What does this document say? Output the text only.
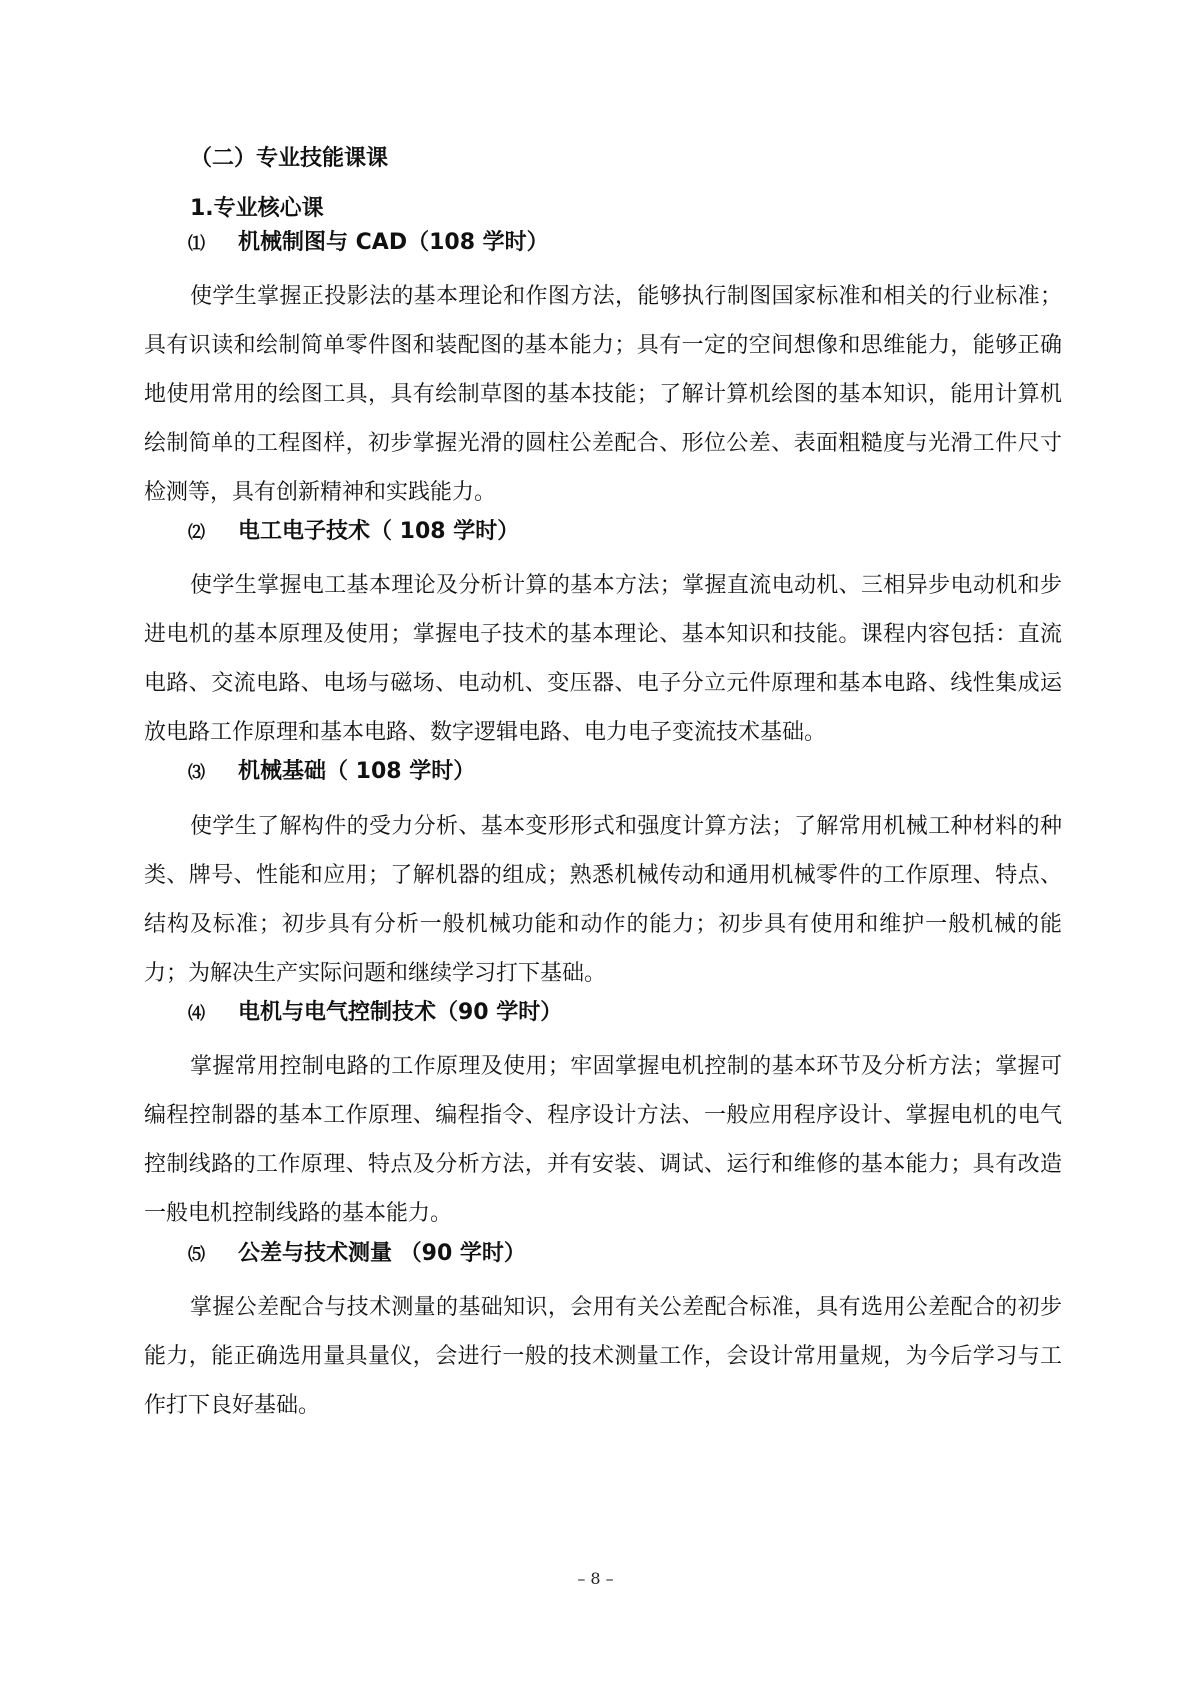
（二）专业技能课课
1.专业核心课
⑴ 机械制图与 CAD（108 学时）

使学生掌握正投影法的基本理论和作图方法，能够执行制图国家标准和相关的行业标准；具有识读和绘制简单零件图和装配图的基本能力；具有一定的空间想像和思维能力，能够正确地使用常用的绘图工具，具有绘制草图的基本技能；了解计算机绘图的基本知识，能用计算机绘制简单的工程图样，初步掌握光滑的圆柱公差配合、形位公差、表面粗糙度与光滑工件尺寸检测等，具有创新精神和实践能力。

⑵ 电工电子技术（ 108 学时）

使学生掌握电工基本理论及分析计算的基本方法；掌握直流电动机、三相异步电动机和步进电机的基本原理及使用；掌握电子技术的基本理论、基本知识和技能。课程内容包括：直流电路、交流电路、电场与磁场、电动机、变压器、电子分立元件原理和基本电路、线性集成运放电路工作原理和基本电路、数字逻辑电路、电力电子变流技术基础。

⑶ 机械基础（ 108 学时）

使学生了解构件的受力分析、基本变形形式和强度计算方法；了解常用机械工种材料的种类、牌号、性能和应用；了解机器的组成；熟悉机械传动和通用机械零件的工作原理、特点、结构及标准；初步具有分析一般机械功能和动作的能力；初步具有使用和维护一般机械的能力；为解决生产实际问题和继续学习打下基础。

⑷ 电机与电气控制技术（90 学时）

掌握常用控制电路的工作原理及使用；牢固掌握电机控制的基本环节及分析方法；掌握可编程控制器的基本工作原理、编程指令、程序设计方法、一般应用程序设计、掌握电机的电气控制线路的工作原理、特点及分析方法，并有安装、调试、运行和维修的基本能力；具有改造一般电机控制线路的基本能力。

⑸ 公差与技术测量 （90 学时）

掌握公差配合与技术测量的基础知识，会用有关公差配合标准，具有选用公差配合的初步能力，能正确选用量具量仪，会进行一般的技术测量工作，会设计常用量规，为今后学习与工作打下良好基础。

– 8 –
